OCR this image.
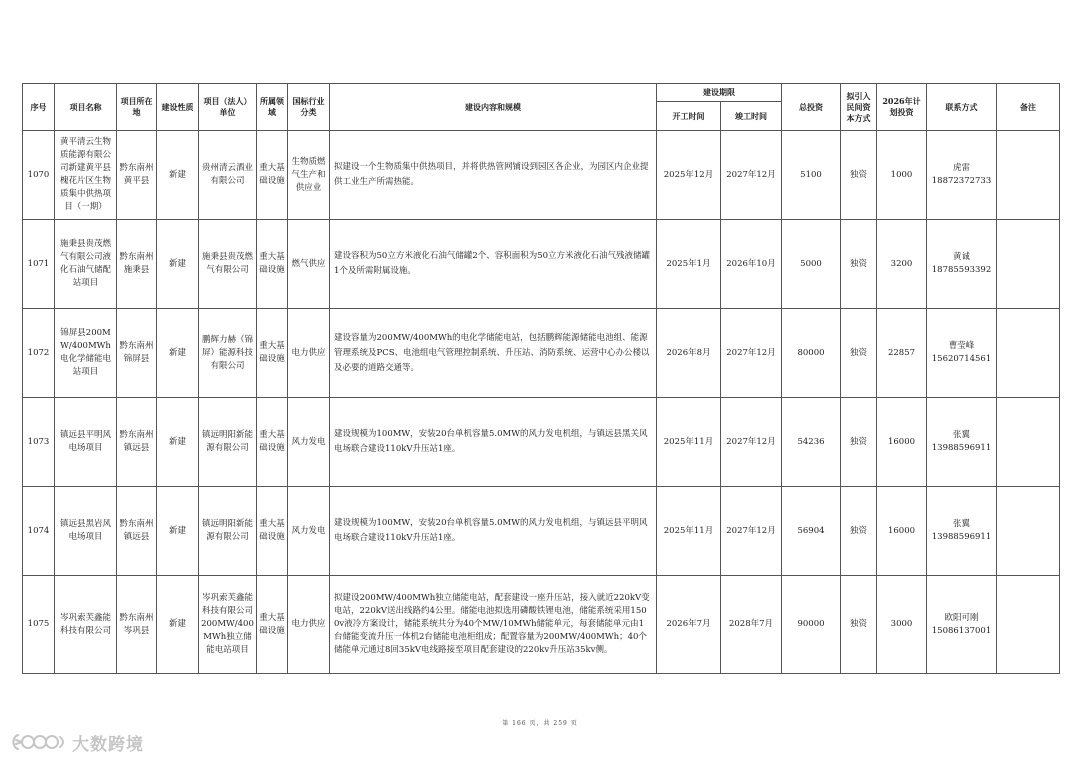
序号	项目名称	项目所在地	建设性质	项目（法人）单位	所属领域	国标行业分类	建设内容和规模	建设期限		总投资	拟引入民间资本方式	2026年计划投资	联系方式	备注
								开工时间	竣工时间					
1070	黄平清云生物质能源有限公司新建黄平县槐花片区生物质集中供热项目（一期）	黔东南州黄平县	新建	贵州清云酒业有限公司	重大基础设施	生物质燃气生产和供应业	拟建设一个生物质集中供热项目，并将供热管网铺设到园区各企业，为园区内企业提供工业生产所需热能。	2025年12月	2027年12月	5100	独资	1000	虎雷
18872372733	

1071	施秉县贵茂燃气有限公司液化石油气储配站项目	黔东南州施秉县	新建	施秉县贵茂燃气有限公司	重大基础设施	燃气供应	建设容积为50立方米液化石油气储罐2个、容积面积为50立方米液化石油气残液储罐1个及所需附属设施。	2025年1月	2026年10月	5000	独资	3200	黄诚
18785593392	

1072	锦屏县200MW/400MWh电化学储能电站项目	黔东南州锦屏县	新建	鹏辉力赫（锦屏）能源科技有限公司	重大基础设施	电力供应	建设容量为200MW/400MWh的电化学储能电站，包括鹏辉能源储能电池组、能源管理系统及PCS、电池组电气管理控制系统、升压站、消防系统、运营中心办公楼以及必要的道路交通等。	2026年8月	2027年12月	80000	独资	22857	曹莹峰
15620714561	

1073	镇远县平明风电场项目	黔东南州镇远县	新建	镇远明阳新能源有限公司	重大基础设施	风力发电	建设规模为100MW，安装20台单机容量5.0MW的风力发电机组，与镇远县黑关风电场联合建设110kV升压站1座。	2025年11月	2027年12月	54236	独资	16000	张翼
13988596911	

1074	镇远县黑岩风电场项目	黔东南州镇远县	新建	镇远明阳新能源有限公司	重大基础设施	风力发电	建设规模为100MW，安装20台单机容量5.0MW的风力发电机组，与镇远县平明风电场联合建设110kV升压站1座。	2025年11月	2027年12月	56904	独资	16000	张翼
13988596911	

1075	岑巩索芙鑫能科技有限公司	黔东南州岑巩县	新建	岑巩索芙鑫能科技有限公司200MW/400MWh独立储能电站项目	重大基础设施	电力供应	拟建设200MW/400MWh独立储能电站，配套建设一座升压站，接入就近220kV变电站，220kV送出线路约4公里。储能电池拟选用磷酸铁锂电池，储能系统采用1500v液冷方案设计，储能系统共分为40个MW/10MWh储能单元，每套储能单元由1台储能变流升压一体机2台储能电池柜组成；配置容量为200MW/400MWh；40个储能单元通过8回35kV电线路接至项目配套建设的220kv升压站35kv侧。	2026年7月	2028年7月	90000	独资	3000	欧阳可刚
15086137001	

第 166 页，共 259 页
大数跨境
